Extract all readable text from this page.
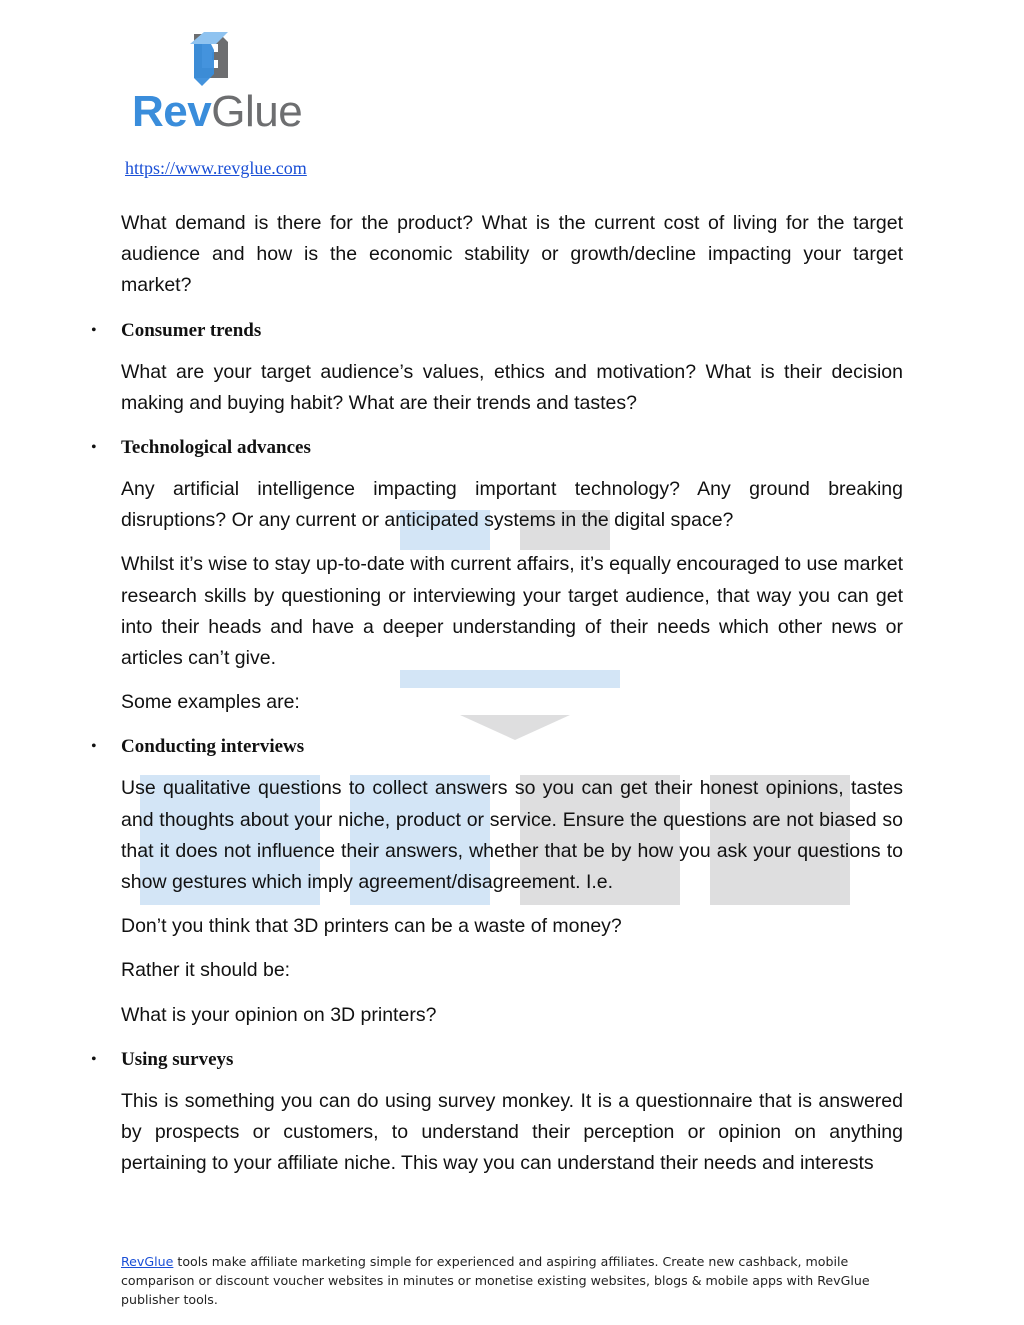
RevGlue
https://www.revglue.com

What demand is there for the product? What is the current cost of living for the target audience and how is the economic stability or growth/decline impacting your target market?

• Consumer trends

What are your target audience’s values, ethics and motivation? What is their decision making and buying habit? What are their trends and tastes?

• Technological advances

Any artificial intelligence impacting important technology? Any ground breaking disruptions? Or any current or anticipated systems in the digital space?

Whilst it’s wise to stay up-to-date with current affairs, it’s equally encouraged to use market research skills by questioning or interviewing your target audience, that way you can get into their heads and have a deeper understanding of their needs which other news or articles can’t give.

Some examples are:

• Conducting interviews

Use qualitative questions to collect answers so you can get their honest opinions, tastes and thoughts about your niche, product or service. Ensure the questions are not biased so that it does not influence their answers, whether that be by how you ask your questions to show gestures which imply agreement/disagreement. I.e.

Don’t you think that 3D printers can be a waste of money?

Rather it should be:

What is your opinion on 3D printers?

• Using surveys

This is something you can do using survey monkey. It is a questionnaire that is answered by prospects or customers, to understand their perception or opinion on anything pertaining to your affiliate niche. This way you can understand their needs and interests

RevGlue tools make affiliate marketing simple for experienced and aspiring affiliates. Create new cashback, mobile comparison or discount voucher websites in minutes or monetise existing websites, blogs & mobile apps with RevGlue publisher tools.
